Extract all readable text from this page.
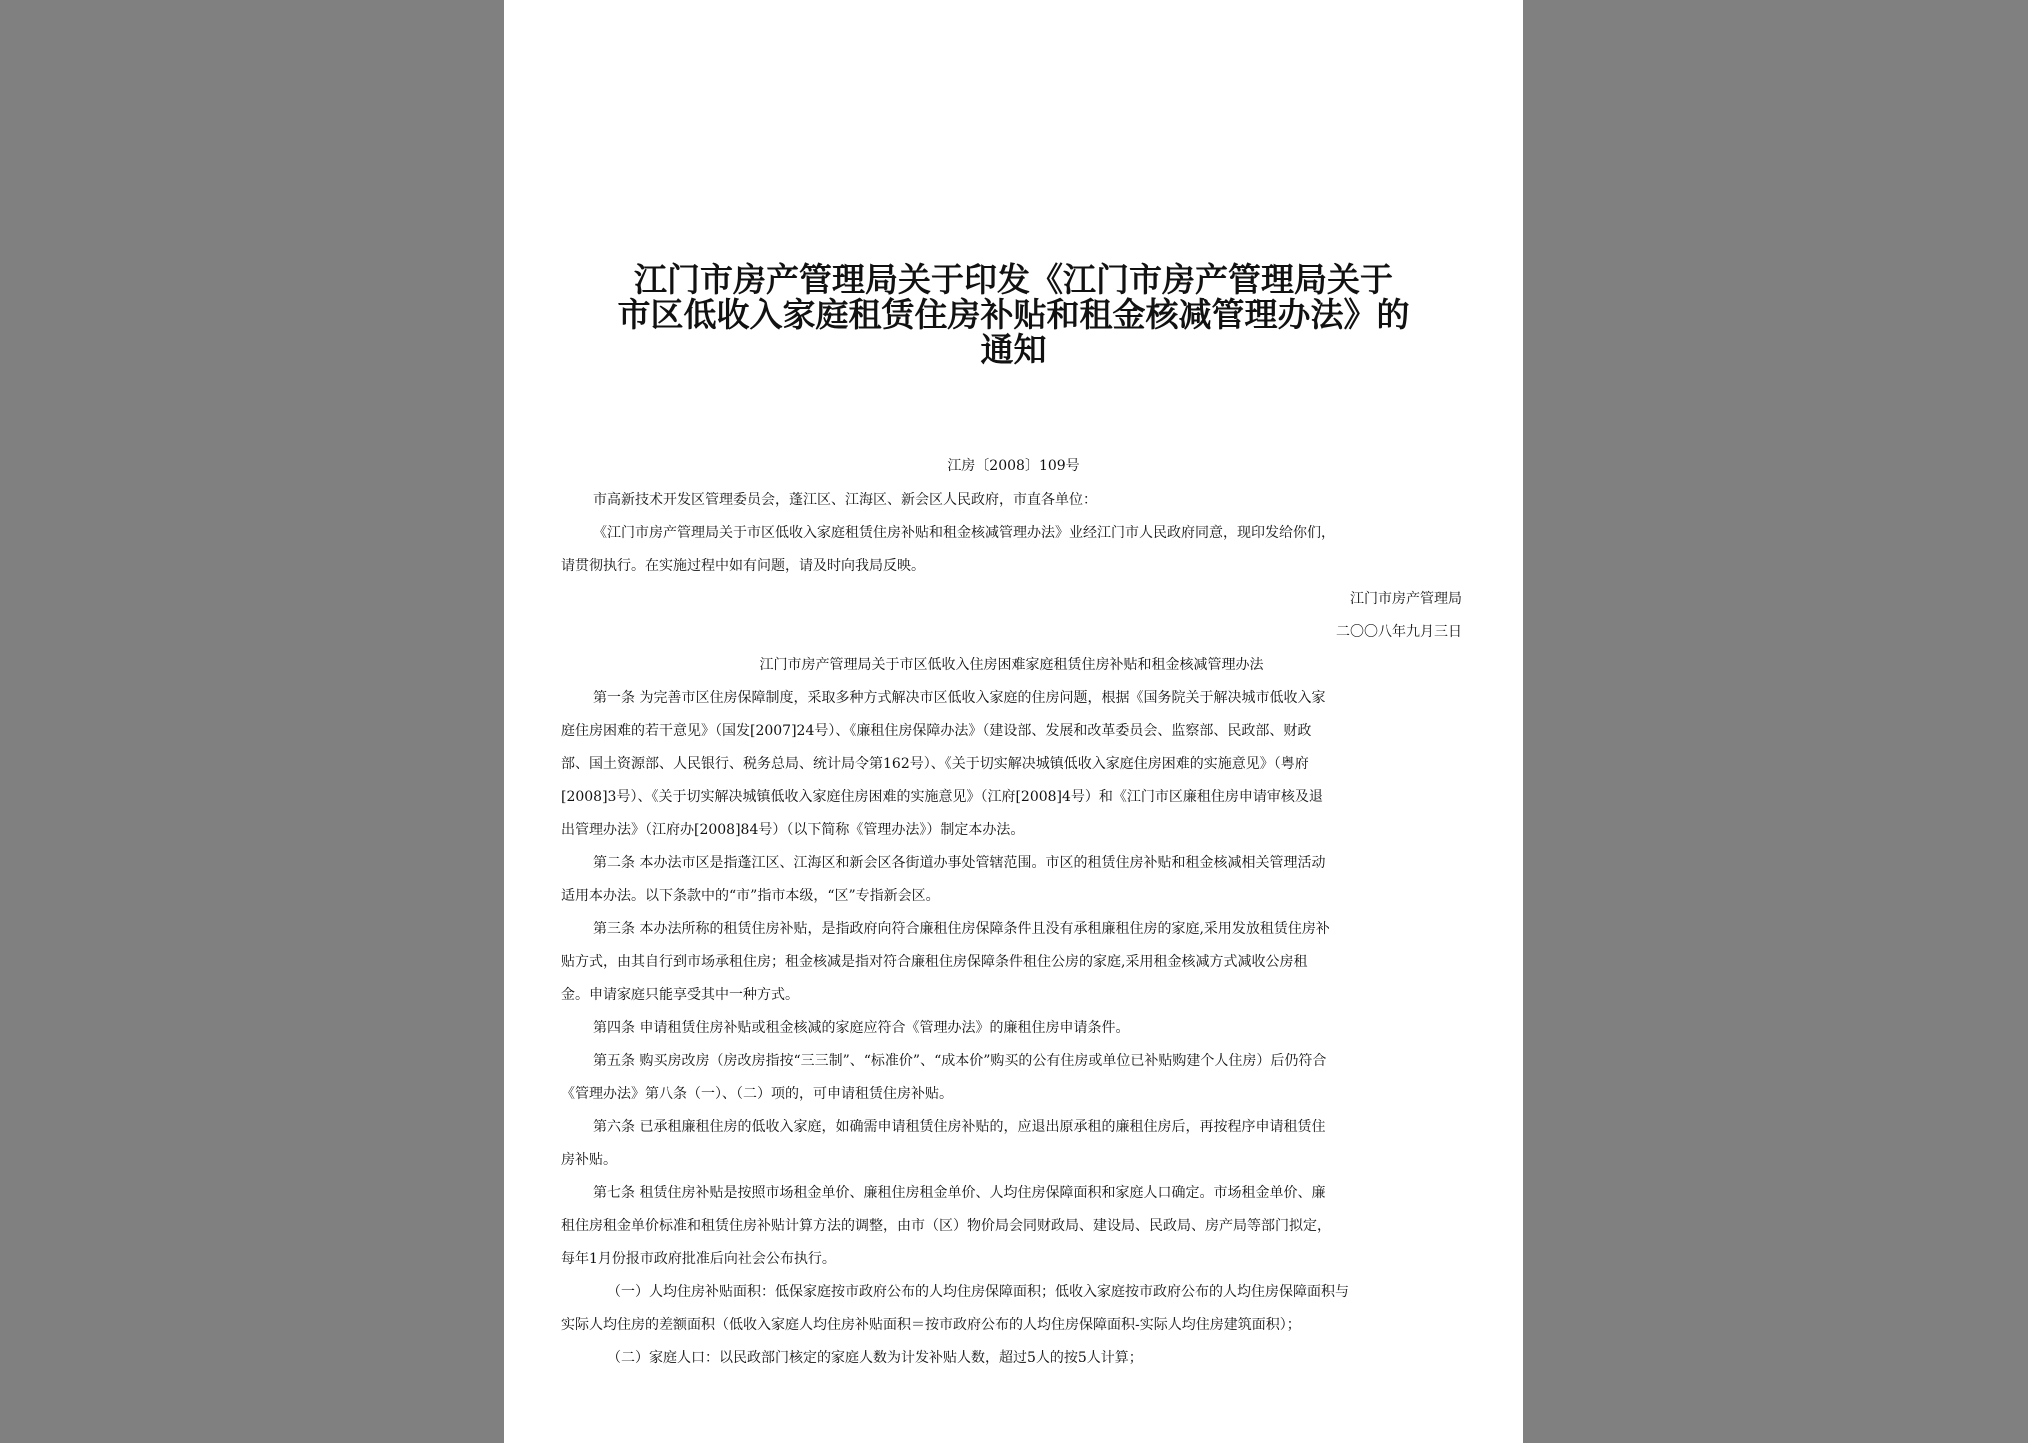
江门市房产管理局关于印发《江门市房产管理局关于
市区低收入家庭租赁住房补贴和租金核减管理办法》的
通知
江房〔2008〕109号
市高新技术开发区管理委员会，蓬江区、江海区、新会区人民政府，市直各单位：
《江门市房产管理局关于市区低收入家庭租赁住房补贴和租金核减管理办法》业经江门市人民政府同意，现印发给你们，
请贯彻执行。在实施过程中如有问题，请及时向我局反映。
江门市房产管理局
二〇〇八年九月三日
江门市房产管理局关于市区低收入住房困难家庭租赁住房补贴和租金核减管理办法
第一条 为完善市区住房保障制度，采取多种方式解决市区低收入家庭的住房问题，根据《国务院关于解决城市低收入家
庭住房困难的若干意见》（国发[2007]24号）、《廉租住房保障办法》（建设部、发展和改革委员会、监察部、民政部、财政
部、国土资源部、人民银行、税务总局、统计局令第162号）、《关于切实解决城镇低收入家庭住房困难的实施意见》（粤府
[2008]3号）、《关于切实解决城镇低收入家庭住房困难的实施意见》（江府[2008]4号）和《江门市区廉租住房申请审核及退
出管理办法》（江府办[2008]84号）（以下简称《管理办法》）制定本办法。
第二条 本办法市区是指蓬江区、江海区和新会区各街道办事处管辖范围。市区的租赁住房补贴和租金核减相关管理活动
适用本办法。以下条款中的“市”指市本级，“区”专指新会区。
第三条 本办法所称的租赁住房补贴，是指政府向符合廉租住房保障条件且没有承租廉租住房的家庭,采用发放租赁住房补
贴方式，由其自行到市场承租住房；租金核减是指对符合廉租住房保障条件租住公房的家庭,采用租金核减方式减收公房租
金。申请家庭只能享受其中一种方式。
第四条 申请租赁住房补贴或租金核减的家庭应符合《管理办法》的廉租住房申请条件。
第五条 购买房改房（房改房指按“三三制”、“标准价”、“成本价”购买的公有住房或单位已补贴购建个人住房）后仍符合
《管理办法》第八条（一）、（二）项的，可申请租赁住房补贴。
第六条 已承租廉租住房的低收入家庭，如确需申请租赁住房补贴的，应退出原承租的廉租住房后，再按程序申请租赁住
房补贴。
第七条 租赁住房补贴是按照市场租金单价、廉租住房租金单价、人均住房保障面积和家庭人口确定。市场租金单价、廉
租住房租金单价标准和租赁住房补贴计算方法的调整，由市（区）物价局会同财政局、建设局、民政局、房产局等部门拟定，
每年1月份报市政府批准后向社会公布执行。
（一）人均住房补贴面积：低保家庭按市政府公布的人均住房保障面积；低收入家庭按市政府公布的人均住房保障面积与
实际人均住房的差额面积（低收入家庭人均住房补贴面积＝按市政府公布的人均住房保障面积-实际人均住房建筑面积）；
（二）家庭人口：以民政部门核定的家庭人数为计发补贴人数，超过5人的按5人计算；
